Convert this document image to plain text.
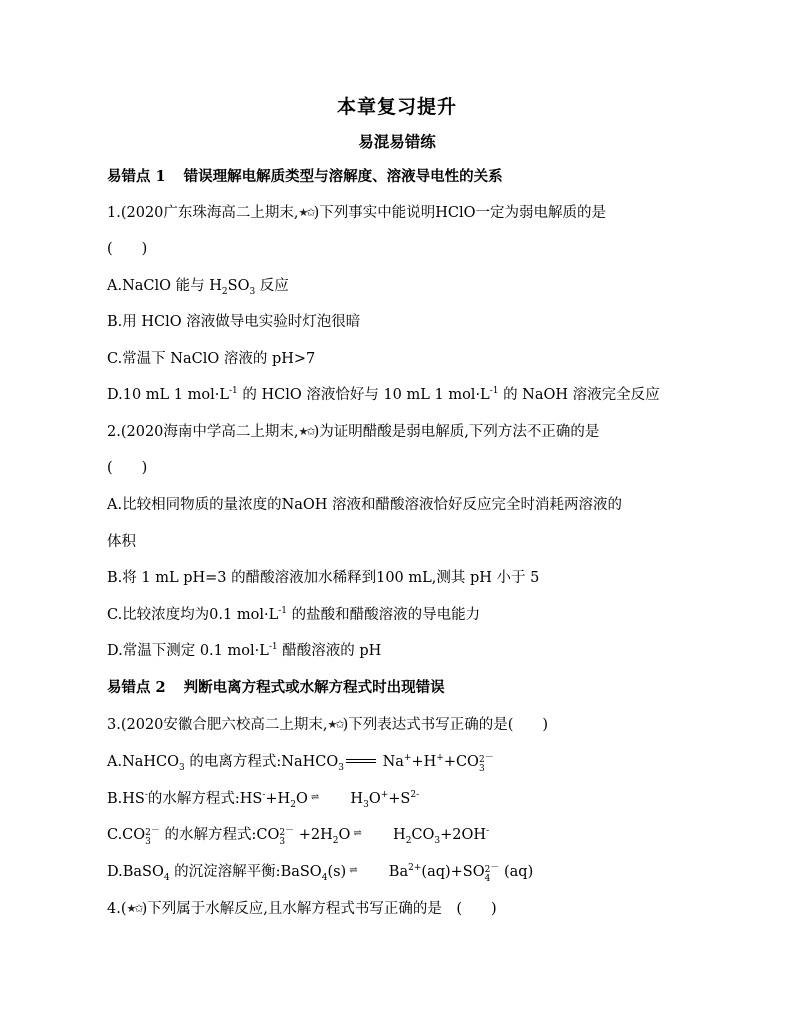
本章复习提升
易混易错练
易错点 1 错误理解电解质类型与溶解度、溶液导电性的关系
1.(2020广东珠海高二上期末,★✩)下列事实中能说明HClO一定为弱电解质的是
(　　)
A.NaClO 能与 $H_2SO_3$ 反应
B.用 HClO 溶液做导电实验时灯泡很暗
C.常温下 NaClO 溶液的 pH>7
D.10 mL 1 $mol\cdot L^{-1}$ 的 HClO 溶液恰好与 10 mL 1 $mol\cdot L^{-1}$ 的 NaOH 溶液完全反应
2.(2020海南中学高二上期末,★✩)为证明醋酸是弱电解质,下列方法不正确的是
(　　)
A.比较相同物质的量浓度的NaOH 溶液和醋酸溶液恰好反应完全时消耗两溶液的
体积
B.将 1 mL pH=3 的醋酸溶液加水稀释到100 mL,测其 pH 小于 5
C.比较浓度均为0.1 $mol\cdot L^{-1}$ 的盐酸和醋酸溶液的导电能力
D.常温下测定 0.1 $mol\cdot L^{-1}$ 醋酸溶液的 pH
易错点 2 判断电离方程式或水解方程式时出现错误
3.(2020安徽合肥六校高二上期末,★✩)下列表达式书写正确的是(　　)
A.NaHCO$_3$ 的电离方程式:NaHCO$_3$
Na++H++CO 2
3
－
B.HS-的水解方程式$:HS^-+H_2O$ ⇌	$H_3O^++S^{2-}$
C.CO 2
3
－ 的水解方程式:CO 2
3
$^- +2H_2O$ ⇌	$H_2CO_3+2OH^-$
D.BaSO$_4$ 的沉淀溶解平衡:BaSO$_4$(s) ⇌	$Ba^{2+}(aq)+SO$ 2
4
－ (aq)
4.(★✩)下列属于水解反应,且水解方程式书写正确的是　(　　)
